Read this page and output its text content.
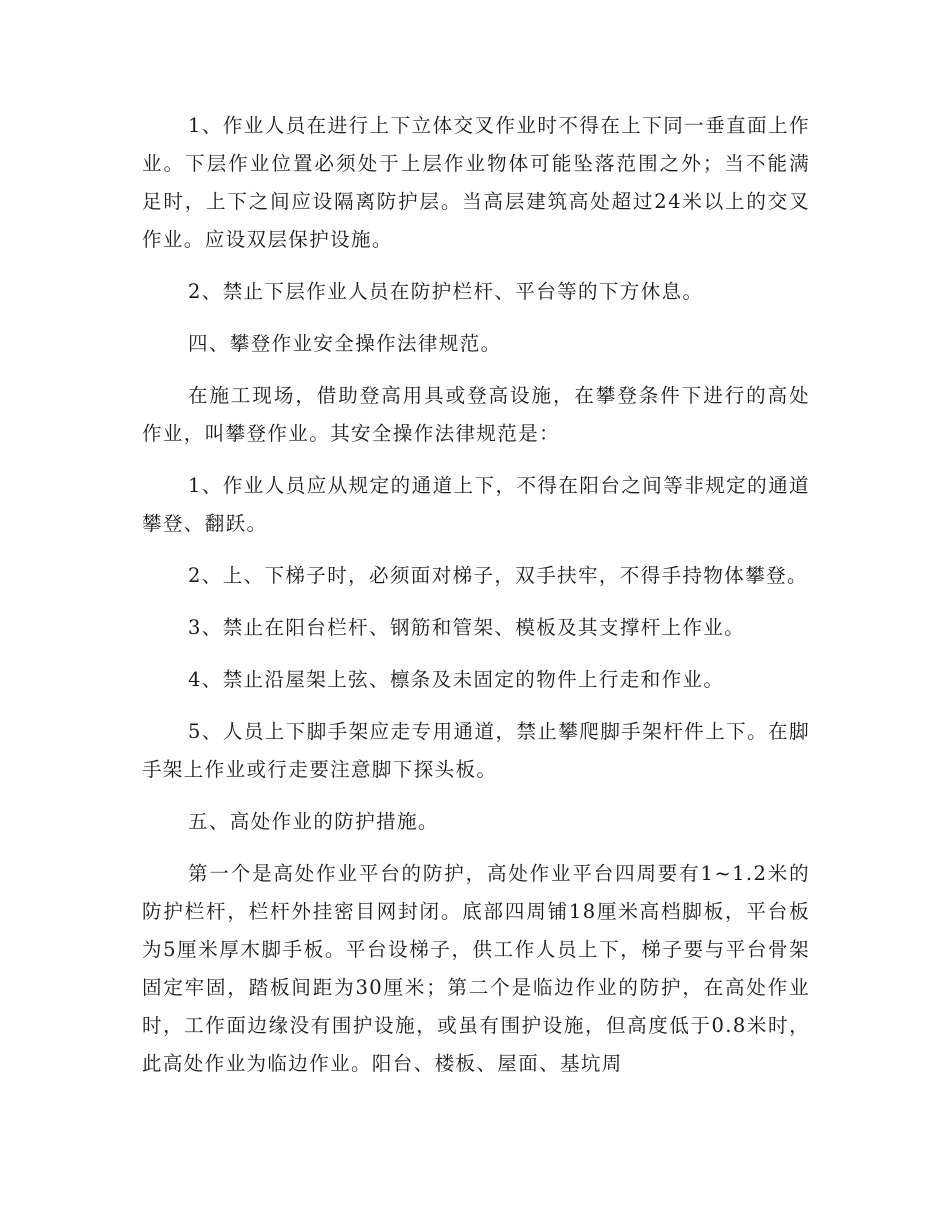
1、作业人员在进行上下立体交叉作业时不得在上下同一垂直面上作业。下层作业位置必须处于上层作业物体可能坠落范围之外；当不能满足时，上下之间应设隔离防护层。当高层建筑高处超过24米以上的交叉作业。应设双层保护设施。

2、禁止下层作业人员在防护栏杆、平台等的下方休息。

四、攀登作业安全操作法律规范。

在施工现场，借助登高用具或登高设施，在攀登条件下进行的高处作业，叫攀登作业。其安全操作法律规范是：

1、作业人员应从规定的通道上下，不得在阳台之间等非规定的通道攀登、翻跃。

2、上、下梯子时，必须面对梯子，双手扶牢，不得手持物体攀登。

3、禁止在阳台栏杆、钢筋和管架、模板及其支撑杆上作业。

4、禁止沿屋架上弦、檩条及未固定的物件上行走和作业。

5、人员上下脚手架应走专用通道，禁止攀爬脚手架杆件上下。在脚手架上作业或行走要注意脚下探头板。

五、高处作业的防护措施。

第一个是高处作业平台的防护，高处作业平台四周要有1~1.2米的防护栏杆，栏杆外挂密目网封闭。底部四周铺18厘米高档脚板，平台板为5厘米厚木脚手板。平台设梯子，供工作人员上下，梯子要与平台骨架固定牢固，踏板间距为30厘米；第二个是临边作业的防护，在高处作业时，工作面边缘没有围护设施，或虽有围护设施，但高度低于0.8米时，此高处作业为临边作业。阳台、楼板、屋面、基坑周
